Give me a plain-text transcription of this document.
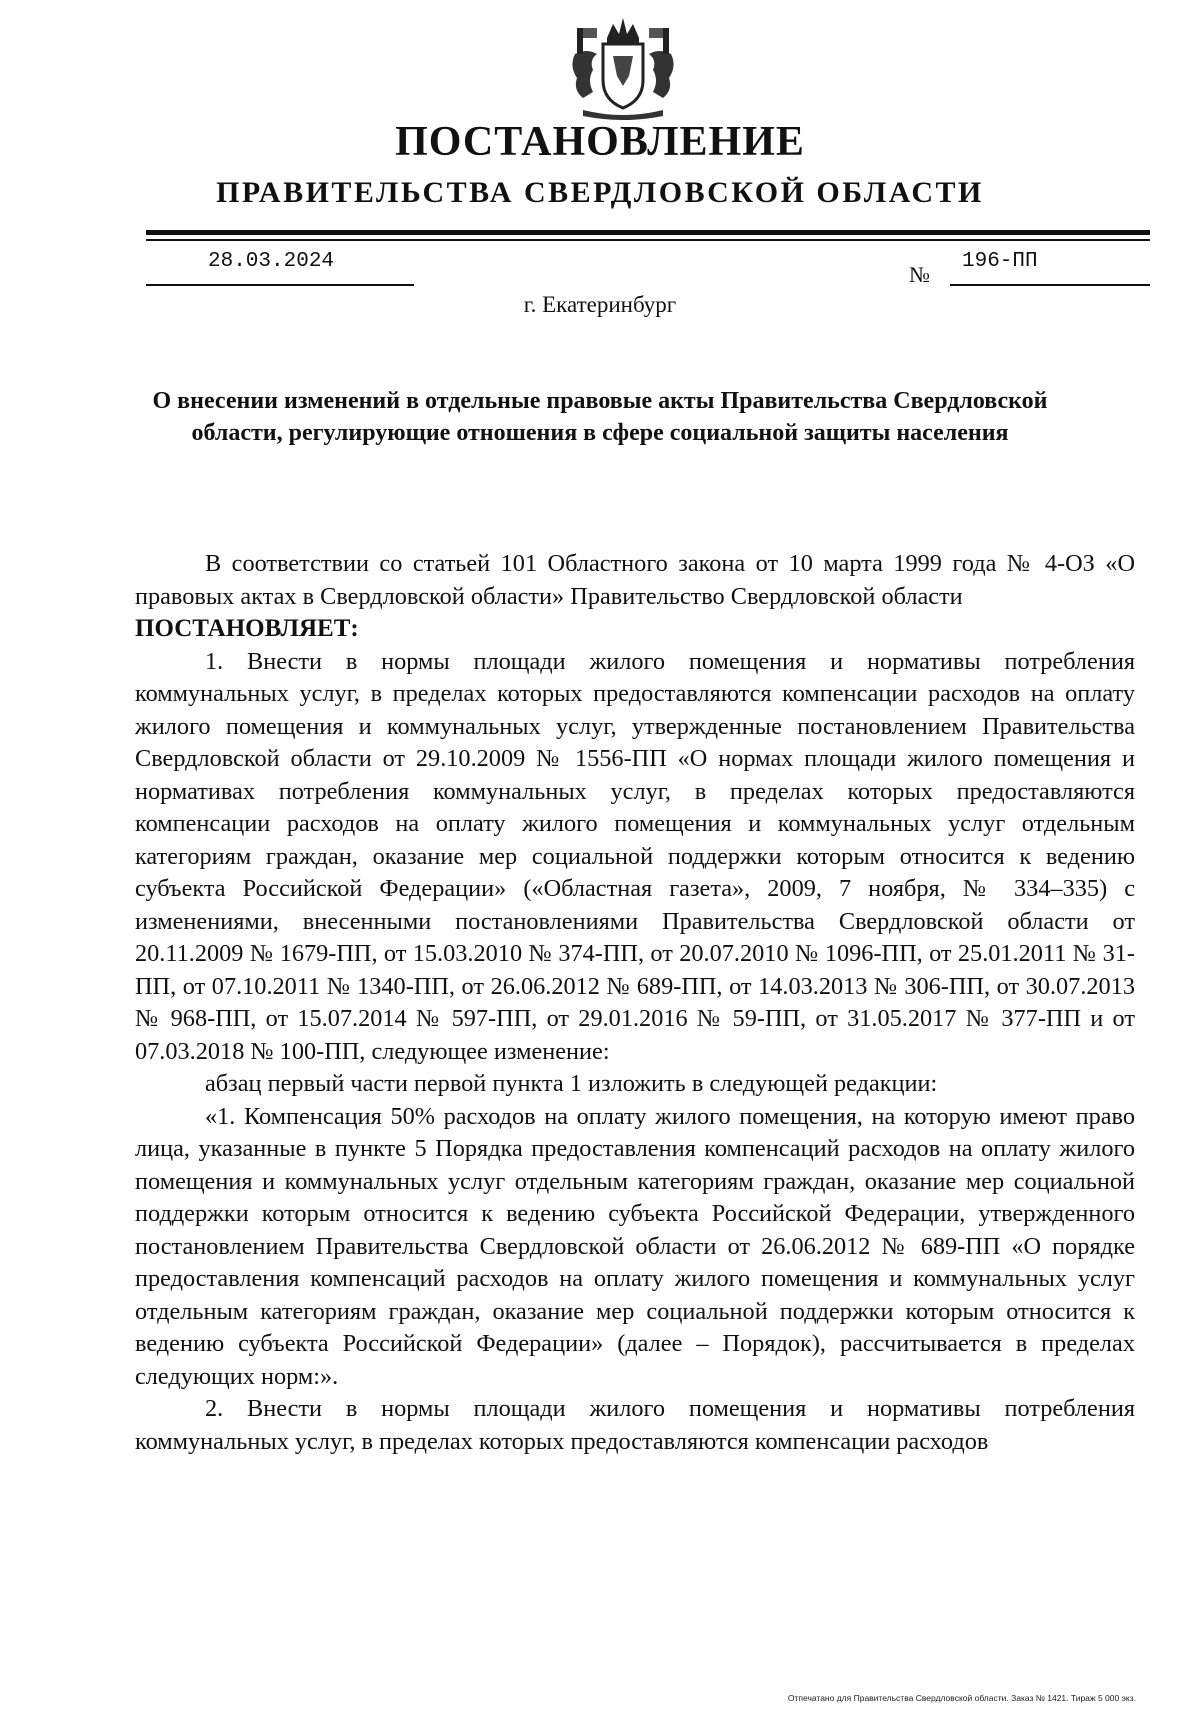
ПОСТАНОВЛЕНИЕ
ПРАВИТЕЛЬСТВА СВЕРДЛОВСКОЙ ОБЛАСТИ
28.03.2024
№
196-ПП
г. Екатеринбург
О внесении изменений в отдельные правовые акты Правительства Свердловской области, регулирующие отношения в сфере социальной защиты населения

В соответствии со статьей 101 Областного закона от 10 марта 1999 года № 4-ОЗ «О правовых актах в Свердловской области» Правительство Свердловской области

ПОСТАНОВЛЯЕТ:

1. Внести в нормы площади жилого помещения и нормативы потребления коммунальных услуг, в пределах которых предоставляются компенсации расходов на оплату жилого помещения и коммунальных услуг, утвержденные постановлением Правительства Свердловской области от 29.10.2009 № 1556-ПП «О нормах площади жилого помещения и нормативах потребления коммунальных услуг, в пределах которых предоставляются компенсации расходов на оплату жилого помещения и коммунальных услуг отдельным категориям граждан, оказание мер социальной поддержки которым относится к ведению субъекта Российской Федерации» («Областная газета», 2009, 7 ноября, № 334–335) с изменениями, внесенными постановлениями Правительства Свердловской области от 20.11.2009 № 1679-ПП, от 15.03.2010 № 374-ПП, от 20.07.2010 № 1096-ПП, от 25.01.2011 № 31-ПП, от 07.10.2011 № 1340-ПП, от 26.06.2012 № 689-ПП, от 14.03.2013 № 306-ПП, от 30.07.2013 № 968-ПП, от 15.07.2014 № 597-ПП, от 29.01.2016 № 59-ПП, от 31.05.2017 № 377-ПП и от 07.03.2018 № 100-ПП, следующее изменение:

абзац первый части первой пункта 1 изложить в следующей редакции:

«1. Компенсация 50% расходов на оплату жилого помещения, на которую имеют право лица, указанные в пункте 5 Порядка предоставления компенсаций расходов на оплату жилого помещения и коммунальных услуг отдельным категориям граждан, оказание мер социальной поддержки которым относится к ведению субъекта Российской Федерации, утвержденного постановлением Правительства Свердловской области от 26.06.2012 № 689-ПП «О порядке предоставления компенсаций расходов на оплату жилого помещения и коммунальных услуг отдельным категориям граждан, оказание мер социальной поддержки которым относится к ведению субъекта Российской Федерации» (далее – Порядок), рассчитывается в пределах следующих норм:».

2. Внести в нормы площади жилого помещения и нормативы потребления коммунальных услуг, в пределах которых предоставляются компенсации расходов

Отпечатано для Правительства Свердловской области. Заказ № 1421. Тираж 5 000 экз.
